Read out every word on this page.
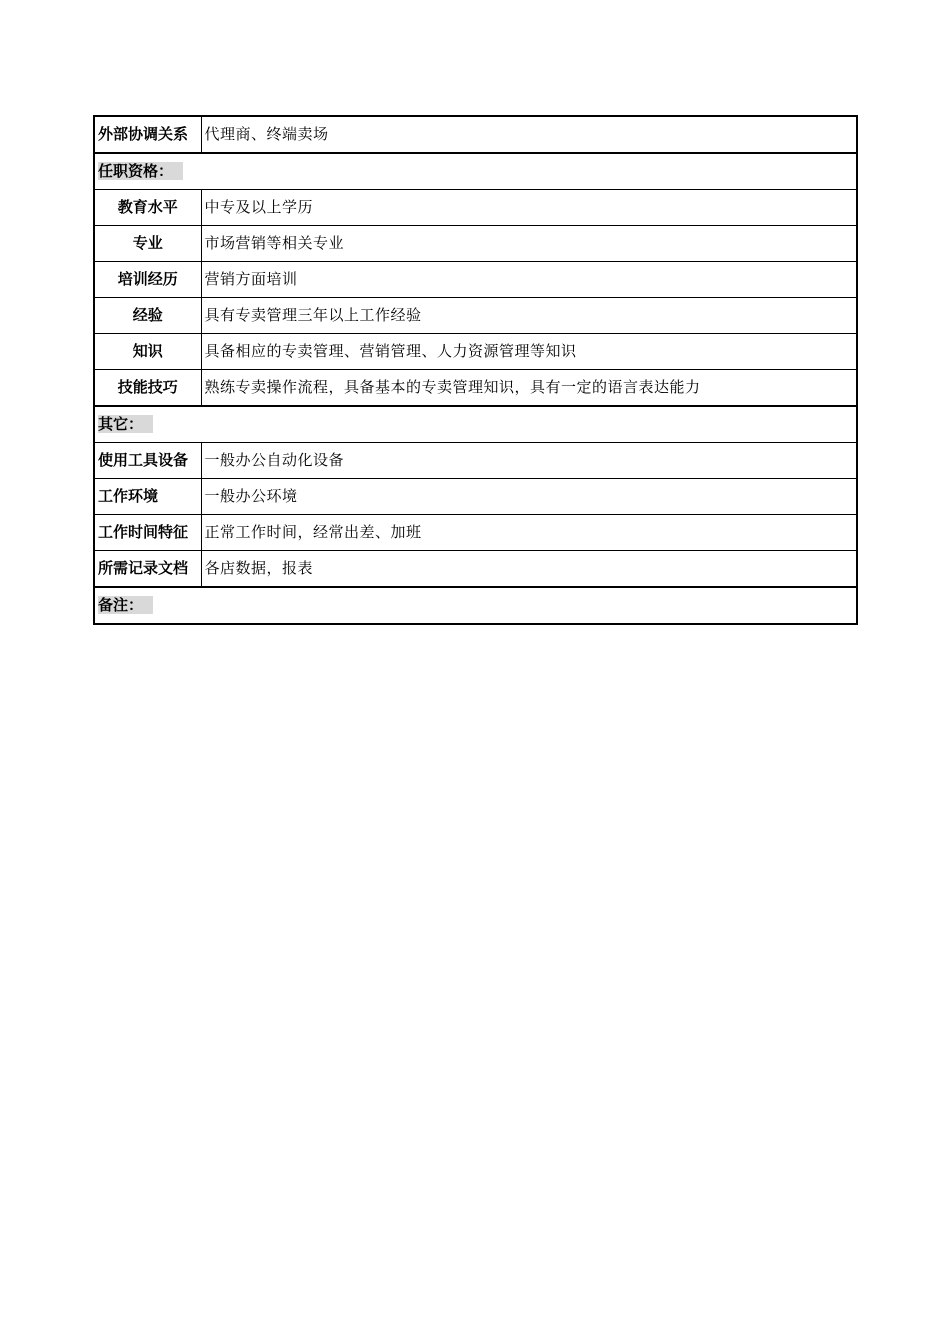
外部协调关系	代理商、终端卖场
任职资格：	
教育水平	中专及以上学历
专业	市场营销等相关专业
培训经历	营销方面培训
经验	具有专卖管理三年以上工作经验
知识	具备相应的专卖管理、营销管理、人力资源管理等知识
技能技巧	熟练专卖操作流程，具备基本的专卖管理知识，具有一定的语言表达能力
其它：	
使用工具设备	一般办公自动化设备
工作环境	一般办公环境
工作时间特征	正常工作时间，经常出差、加班
所需记录文档	各店数据，报表
备注：	
